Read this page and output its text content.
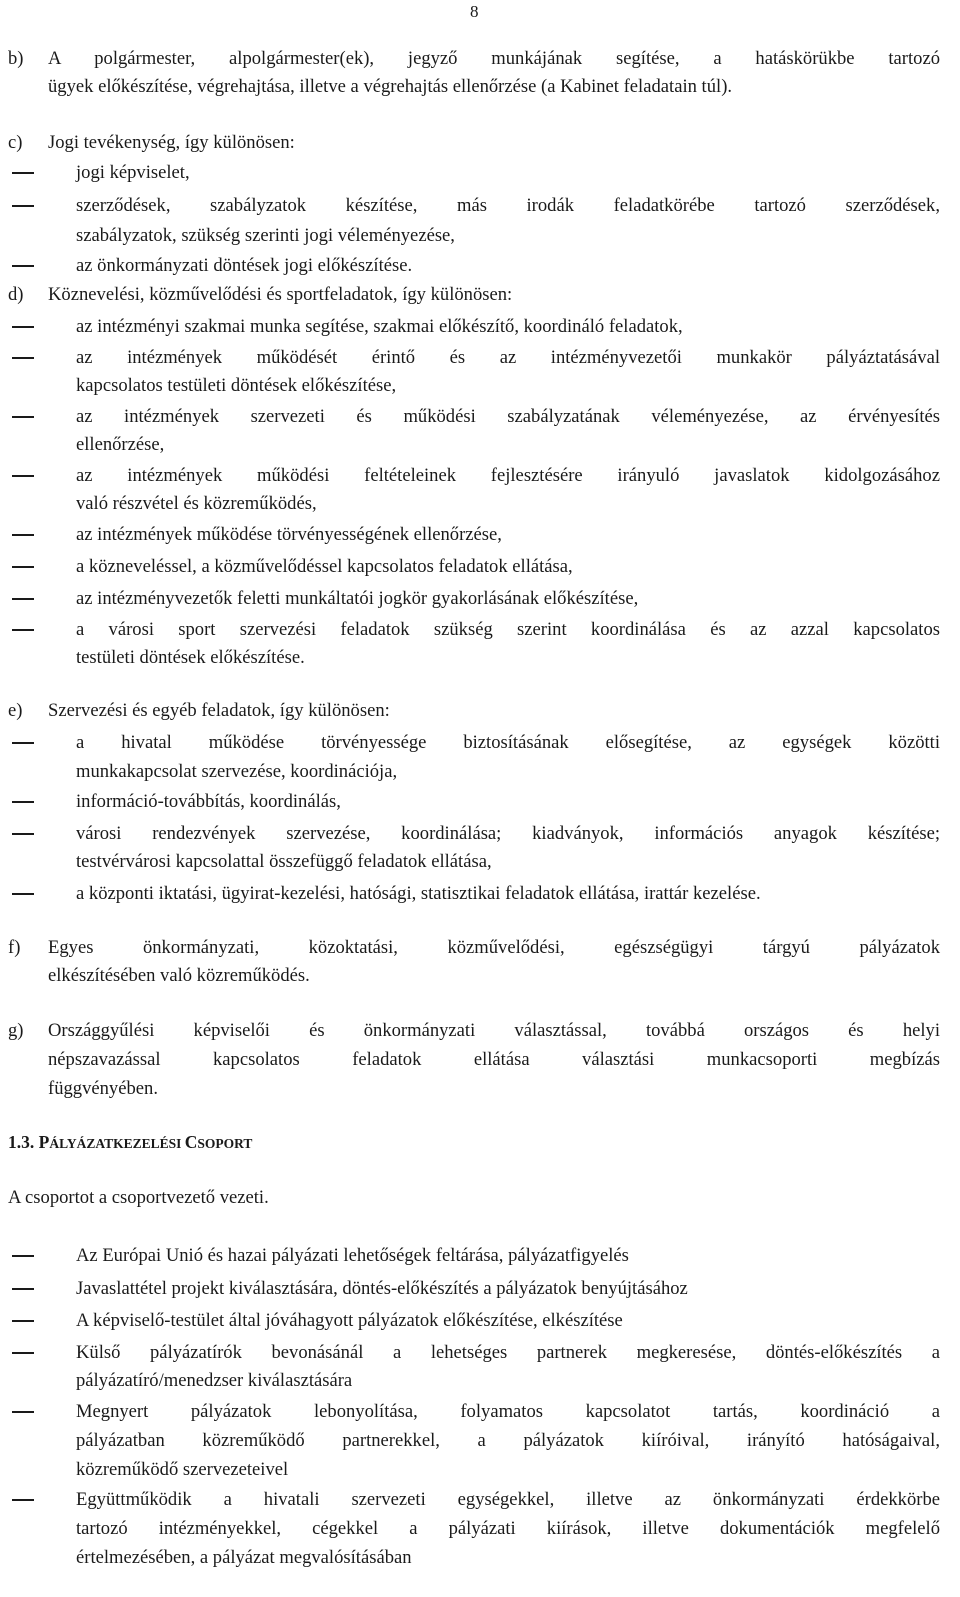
8
b) A polgármester, alpolgármester(ek), jegyző munkájának segítése, a hatáskörükbe tartozó
ügyek előkészítése, végrehajtása, illetve a végrehajtás ellenőrzése (a Kabinet feladatain túl).
c) Jogi tevékenység, így különösen:
jogi képviselet,
szerződések, szabályzatok készítése, más irodák feladatkörébe tartozó szerződések,
szabályzatok, szükség szerinti jogi véleményezése,
az önkormányzati döntések jogi előkészítése.
d) Köznevelési, közművelődési és sportfeladatok, így különösen:
az intézményi szakmai munka segítése, szakmai előkészítő, koordináló feladatok,
az intézmények működését érintő és az intézményvezetői munkakör pályáztatásával
kapcsolatos testületi döntések előkészítése,
az intézmények szervezeti és működési szabályzatának véleményezése, az érvényesítés
ellenőrzése,
az intézmények működési feltételeinek fejlesztésére irányuló javaslatok kidolgozásához
való részvétel és közreműködés,
az intézmények működése törvényességének ellenőrzése,
a közneveléssel, a közművelődéssel kapcsolatos feladatok ellátása,
az intézményvezetők feletti munkáltatói jogkör gyakorlásának előkészítése,
a városi sport szervezési feladatok szükség szerint koordinálása és az azzal kapcsolatos
testületi döntések előkészítése.
e) Szervezési és egyéb feladatok, így különösen:
a hivatal működése törvényessége biztosításának elősegítése, az egységek közötti
munkakapcsolat szervezése, koordinációja,
információ-továbbítás, koordinálás,
városi rendezvények szervezése, koordinálása; kiadványok, információs anyagok készítése;
testvérvárosi kapcsolattal összefüggő feladatok ellátása,
a központi iktatási, ügyirat-kezelési, hatósági, statisztikai feladatok ellátása, irattár kezelése.
f) Egyes önkormányzati, közoktatási, közművelődési, egészségügyi tárgyú pályázatok
elkészítésében való közreműködés.
g) Országgyűlési képviselői és önkormányzati választással, továbbá országos és helyi
népszavazással kapcsolatos feladatok ellátása választási munkacsoporti megbízás
függvényében.
1.3. PÁLYÁZATKEZELÉSI CSOPORT
A csoportot a csoportvezető vezeti.
Az Európai Unió és hazai pályázati lehetőségek feltárása, pályázatfigyelés
Javaslattétel projekt kiválasztására, döntés-előkészítés a pályázatok benyújtásához
A képviselő-testület által jóváhagyott pályázatok előkészítése, elkészítése
Külső pályázatírók bevonásánál a lehetséges partnerek megkeresése, döntés-előkészítés a
pályázatíró/menedzser kiválasztására
Megnyert pályázatok lebonyolítása, folyamatos kapcsolatot tartás, koordináció a
pályázatban közreműködő partnerekkel, a pályázatok kiíróival, irányító hatóságaival,
közreműködő szervezeteivel
Együttműködik a hivatali szervezeti egységekkel, illetve az önkormányzati érdekkörbe
tartozó intézményekkel, cégekkel a pályázati kiírások, illetve dokumentációk megfelelő
értelmezésében, a pályázat megvalósításában
